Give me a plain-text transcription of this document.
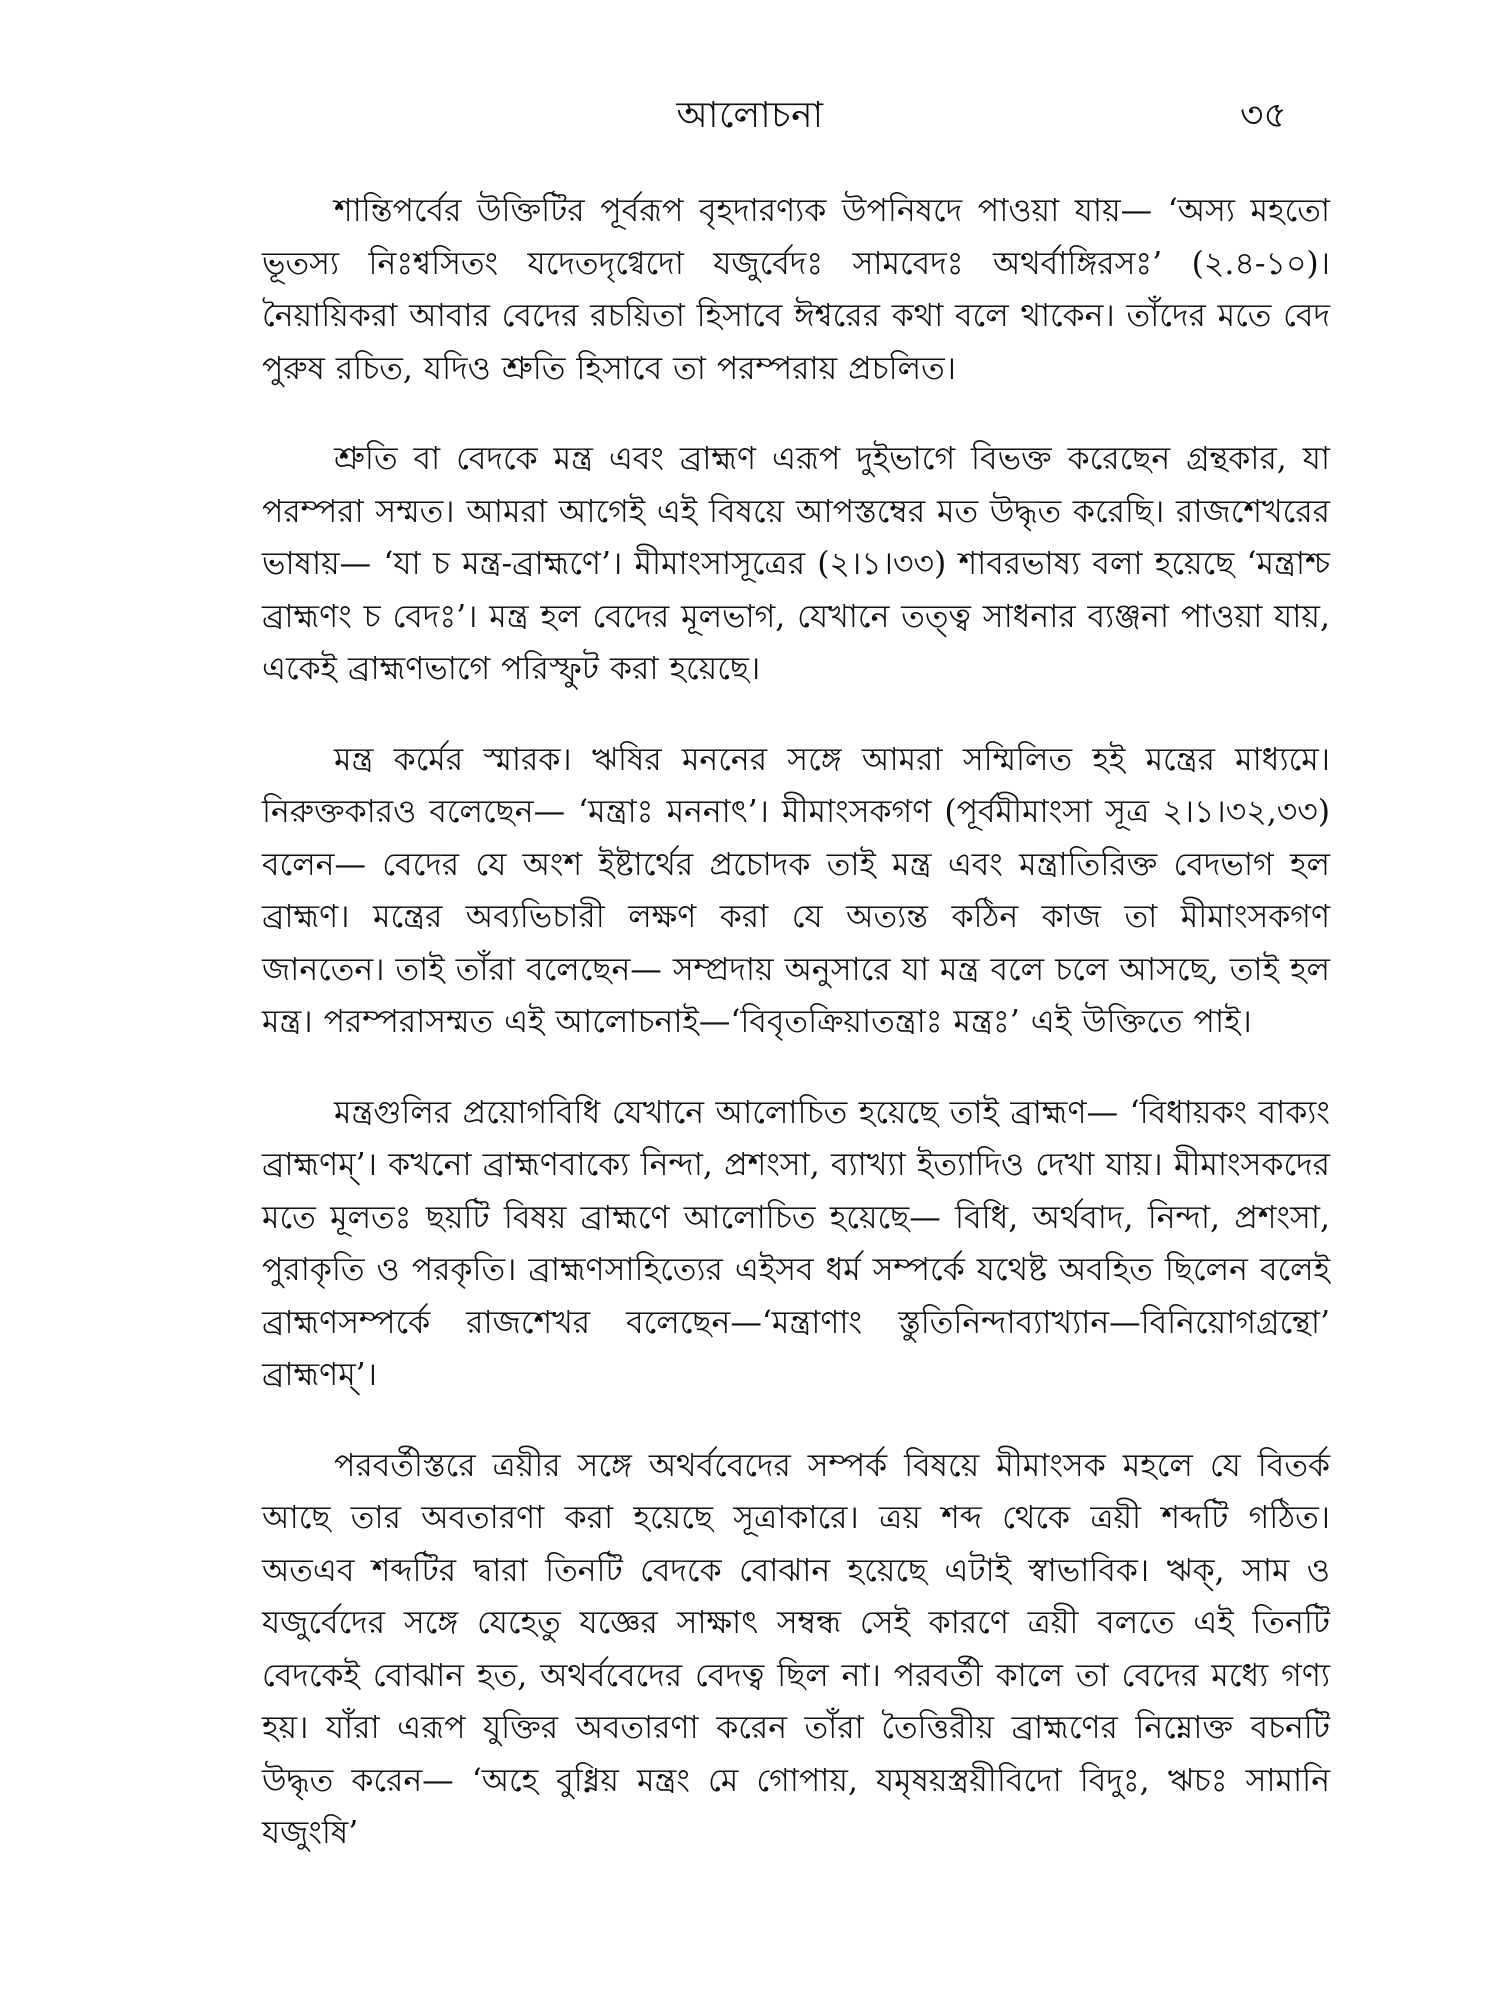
আলোচনা	৩৫

শান্তিপর্বের উক্তিটির পূর্বরূপ বৃহদারণ্যক উপনিষদে পাওয়া যায়— ‘অস্য মহতো ভূতস্য নিঃশ্বসিতং যদেতদৃগ্বেদো যজুর্বেদঃ সামবেদঃ অথর্বাঙ্গিরসঃ’ (২.৪-১০)। নৈয়ায়িকরা আবার বেদের রচয়িতা হিসাবে ঈশ্বরের কথা বলে থাকেন। তাঁদের মতে বেদ পুরুষ রচিত, যদিও শ্রুতি হিসাবে তা পরম্পরায় প্রচলিত।

শ্রুতি বা বেদকে মন্ত্র এবং ব্রাহ্মণ এরূপ দুইভাগে বিভক্ত করেছেন গ্রন্থকার, যা পরম্পরা সম্মত। আমরা আগেই এই বিষয়ে আপস্তম্বের মত উদ্ধৃত করেছি। রাজশেখরের ভাষায়— ‘যা চ মন্ত্র-ব্রাহ্মণে’। মীমাংসাসূত্রের (২।১।৩৩) শাবরভাষ্য বলা হয়েছে ‘মন্ত্রাশ্চ ব্রাহ্মণং চ বেদঃ’। মন্ত্র হল বেদের মূলভাগ, যেখানে তত্ত্ব সাধনার ব্যঞ্জনা পাওয়া যায়, একেই ব্রাহ্মণভাগে পরিস্ফুট করা হয়েছে।

মন্ত্র কর্মের স্মারক। ঋষির মননের সঙ্গে আমরা সম্মিলিত হই মন্ত্রের মাধ্যমে। নিরুক্তকারও বলেছেন— ‘মন্ত্রাঃ মননাৎ’। মীমাংসকগণ (পূর্বমীমাংসা সূত্র ২।১।৩২,৩৩) বলেন— বেদের যে অংশ ইষ্টার্থের প্রচোদক তাই মন্ত্র এবং মন্ত্রাতিরিক্ত বেদভাগ হল ব্রাহ্মণ। মন্ত্রের অব্যভিচারী লক্ষণ করা যে অত্যন্ত কঠিন কাজ তা মীমাংসকগণ জানতেন। তাই তাঁরা বলেছেন— সম্প্রদায় অনুসারে যা মন্ত্র বলে চলে আসছে, তাই হল মন্ত্র। পরম্পরাসম্মত এই আলোচনাই—‘বিবৃতক্রিয়াতন্ত্রাঃ মন্ত্রঃ’ এই উক্তিতে পাই।

মন্ত্রগুলির প্রয়োগবিধি যেখানে আলোচিত হয়েছে তাই ব্রাহ্মণ— ‘বিধায়কং বাক্যং ব্রাহ্মণম্’। কখনো ব্রাহ্মণবাক্যে নিন্দা, প্রশংসা, ব্যাখ্যা ইত্যাদিও দেখা যায়। মীমাংসকদের মতে মূলতঃ ছয়টি বিষয় ব্রাহ্মণে আলোচিত হয়েছে— বিধি, অর্থবাদ, নিন্দা, প্রশংসা, পুরাকৃতি ও পরকৃতি। ব্রাহ্মণসাহিত্যের এইসব ধর্ম সম্পর্কে যথেষ্ট অবহিত ছিলেন বলেই ব্রাহ্মণসম্পর্কে রাজশেখর বলেছেন—‘মন্ত্রাণাং স্তুতিনিন্দাব্যাখ্যান—বিনিয়োগগ্রন্থো’ ব্রাহ্মণম্’।

পরবর্তীস্তরে ত্রয়ীর সঙ্গে অথর্ববেদের সম্পর্ক বিষয়ে মীমাংসক মহলে যে বিতর্ক আছে তার অবতারণা করা হয়েছে সূত্রাকারে। ত্রয় শব্দ থেকে ত্রয়ী শব্দটি গঠিত। অতএব শব্দটির দ্বারা তিনটি বেদকে বোঝান হয়েছে এটাই স্বাভাবিক। ঋক্, সাম ও যজুর্বেদের সঙ্গে যেহেতু যজ্ঞের সাক্ষাৎ সম্বন্ধ সেই কারণে ত্রয়ী বলতে এই তিনটি বেদকেই বোঝান হত, অথর্ববেদের বেদত্ব ছিল না। পরবর্তী কালে তা বেদের মধ্যে গণ্য হয়। যাঁরা এরূপ যুক্তির অবতারণা করেন তাঁরা তৈত্তিরীয় ব্রাহ্মণের নিম্নোক্ত বচনটি উদ্ধৃত করেন— ‘অহে বুধ্নিয় মন্ত্রং মে গোপায়, যমৃষয়স্ত্রয়ীবিদো বিদুঃ, ঋচঃ সামানি যজুংষি’
